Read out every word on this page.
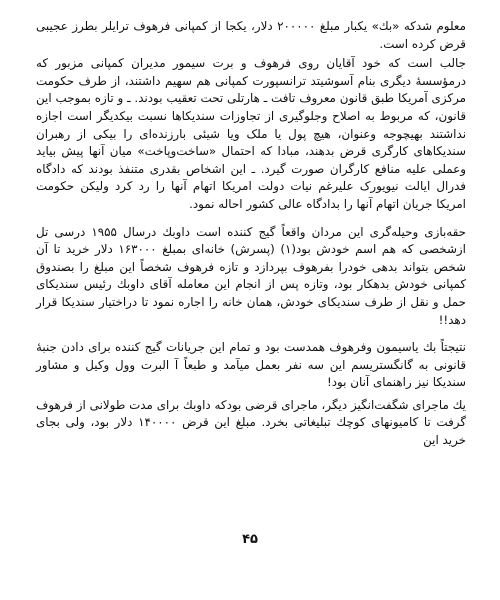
معلوم شدکه «بك» یکبار مبلغ ۲۰۰۰۰۰ دلار، یکجا از کمپانی فرهوف ترایلر بطرز عجیبی قرض کرده است.

جالب است که خود آقایان روی فرهوف و برت سیمور مدیران کمپانی مزبور که درمؤسسهٔ دیگری بنام آسوشیتد ترانسپورت کمپانی هم سهیم داشتند، از طرف حکومت مرکزی آمریکا طبق قانون معروف تافت ـ هارتلی تحت تعقیب بودند. ـ و تازه بموجب این قانون، که مربوط به اصلاح وجلوگیری از تجاوزات سندیکاها نسبت بیکدیگر است اجازه نداشتند بهیچوجه وعنوان، هیچ پول یا ملک ویا شیئی بارزنده‌ای را بیکی از رهبران سندیکاهای کارگری قرض بدهند، مبادا که احتمال «ساخت‌وپاخت» میان آنها پیش بیاید وعملی علیه منافع کارگران صورت گیرد. ـ این اشخاص بقدری متنفذ بودند که دادگاه فدرال ایالت نیویورک علیرغم نیات دولت امریکا اتهام آنها را رد کرد ولیکن حکومت امریکا جریان اتهام آنها را بدادگاه عالی کشور احاله نمود.

حقه‌بازی وحیله‌گری این مردان واقعاً گیج کننده است داوبك درسال ۱۹۵۵ درسی تل ازشخصی که هم اسم خودش بود(۱) (پسرش) خانه‌ای بمبلغ ۱۶۳۰۰۰ دلار خرید تا آن شخص بتواند بدهی خودرا بفرهوف بپردازد و تازه فرهوف شخصاً این مبلغ را بصندوق کمپانی خودش بدهکار بود، وتازه پس از انجام این معامله آقای داوبك رئیس سندیکای حمل و نقل از طرف سندیکای خودش، همان خانه را اجاره نمود تا دراختیار سندیکا قرار دهد!!

نتیجتاً بك یاسیمون وفرهوف همدست بود و تمام این جریانات گیج کننده برای دادن جنبهٔ قانونی به گانگستریسم این سه نفر بعمل میآمد و طبعاً آ البرت وول وکیل و مشاور سندیکا نیز راهنمای آنان بود!

یك ماجرای شگفت‌انگیز دیگر، ماجرای قرضی بودکه داوبك برای مدت طولانی از فرهوف گرفت تا کامیونهای کوچك تبلیغاتی بخرد. مبلغ این قرض ۱۴۰۰۰۰ دلار بود، ولی بجای خرید این

۴۵
